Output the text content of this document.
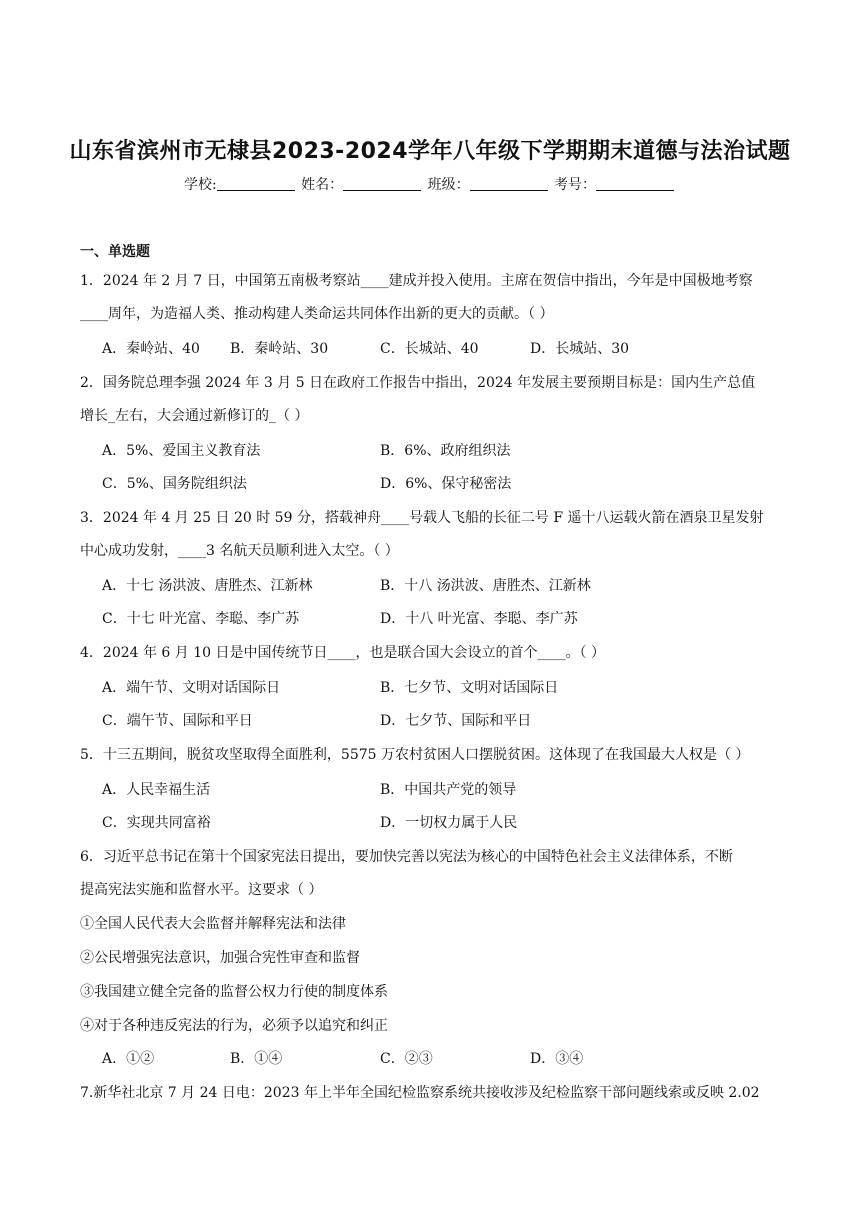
山东省滨州市无棣县2023-2024学年八年级下学期期末道德与法治试题
学校:	姓名：	班级：	考号：
一、单选题
1．2024 年 2 月 7 日，中国第五南极考察站____建成并投入使用。主席在贺信中指出，今年是中国极地考察
____周年，为造福人类、推动构建人类命运共同体作出新的更大的贡献。（ ）
A．秦岭站、40 B．秦岭站、30	C．长城站、40	D．长城站、30
2．国务院总理李强 2024 年 3 月 5 日在政府工作报告中指出，2024 年发展主要预期目标是：国内生产总值
增长_左右，大会通过新修订的_（ ）
A．5%、爱国主义教育法	B．6%、政府组织法
C．5%、国务院组织法	D．6%、保守秘密法
3．2024 年 4 月 25 日 20 时 59 分，搭载神舟____号载人飞船的长征二号 F 遥十八运载火箭在酒泉卫星发射
中心成功发射，____3 名航天员顺利进入太空。（ ）
A．十七 汤洪波、唐胜杰、江新林	B．十八 汤洪波、唐胜杰、江新林
C．十七 叶光富、李聪、李广苏	D．十八 叶光富、李聪、李广苏
4．2024 年 6 月 10 日是中国传统节日____，也是联合国大会设立的首个____。（ ）
A．端午节、文明对话国际日	B．七夕节、文明对话国际日
C．端午节、国际和平日	D．七夕节、国际和平日
5．十三五期间，脱贫攻坚取得全面胜利，5575 万农村贫困人口摆脱贫困。这体现了在我国最大人权是（ ）
A．人民幸福生活	B．中国共产党的领导
C．实现共同富裕	D．一切权力属于人民
6．习近平总书记在第十个国家宪法日提出，要加快完善以宪法为核心的中国特色社会主义法律体系，不断
提高宪法实施和监督水平。这要求（ ）
①全国人民代表大会监督并解释宪法和法律
②公民增强宪法意识，加强合宪性审查和监督
③我国建立健全完备的监督公权力行使的制度体系
④对于各种违反宪法的行为，必须予以追究和纠正
A．①②	B．①④	C．②③	D．③④
7.新华社北京 7 月 24 日电：2023 年上半年全国纪检监察系统共接收涉及纪检监察干部问题线索或反映 2.02
